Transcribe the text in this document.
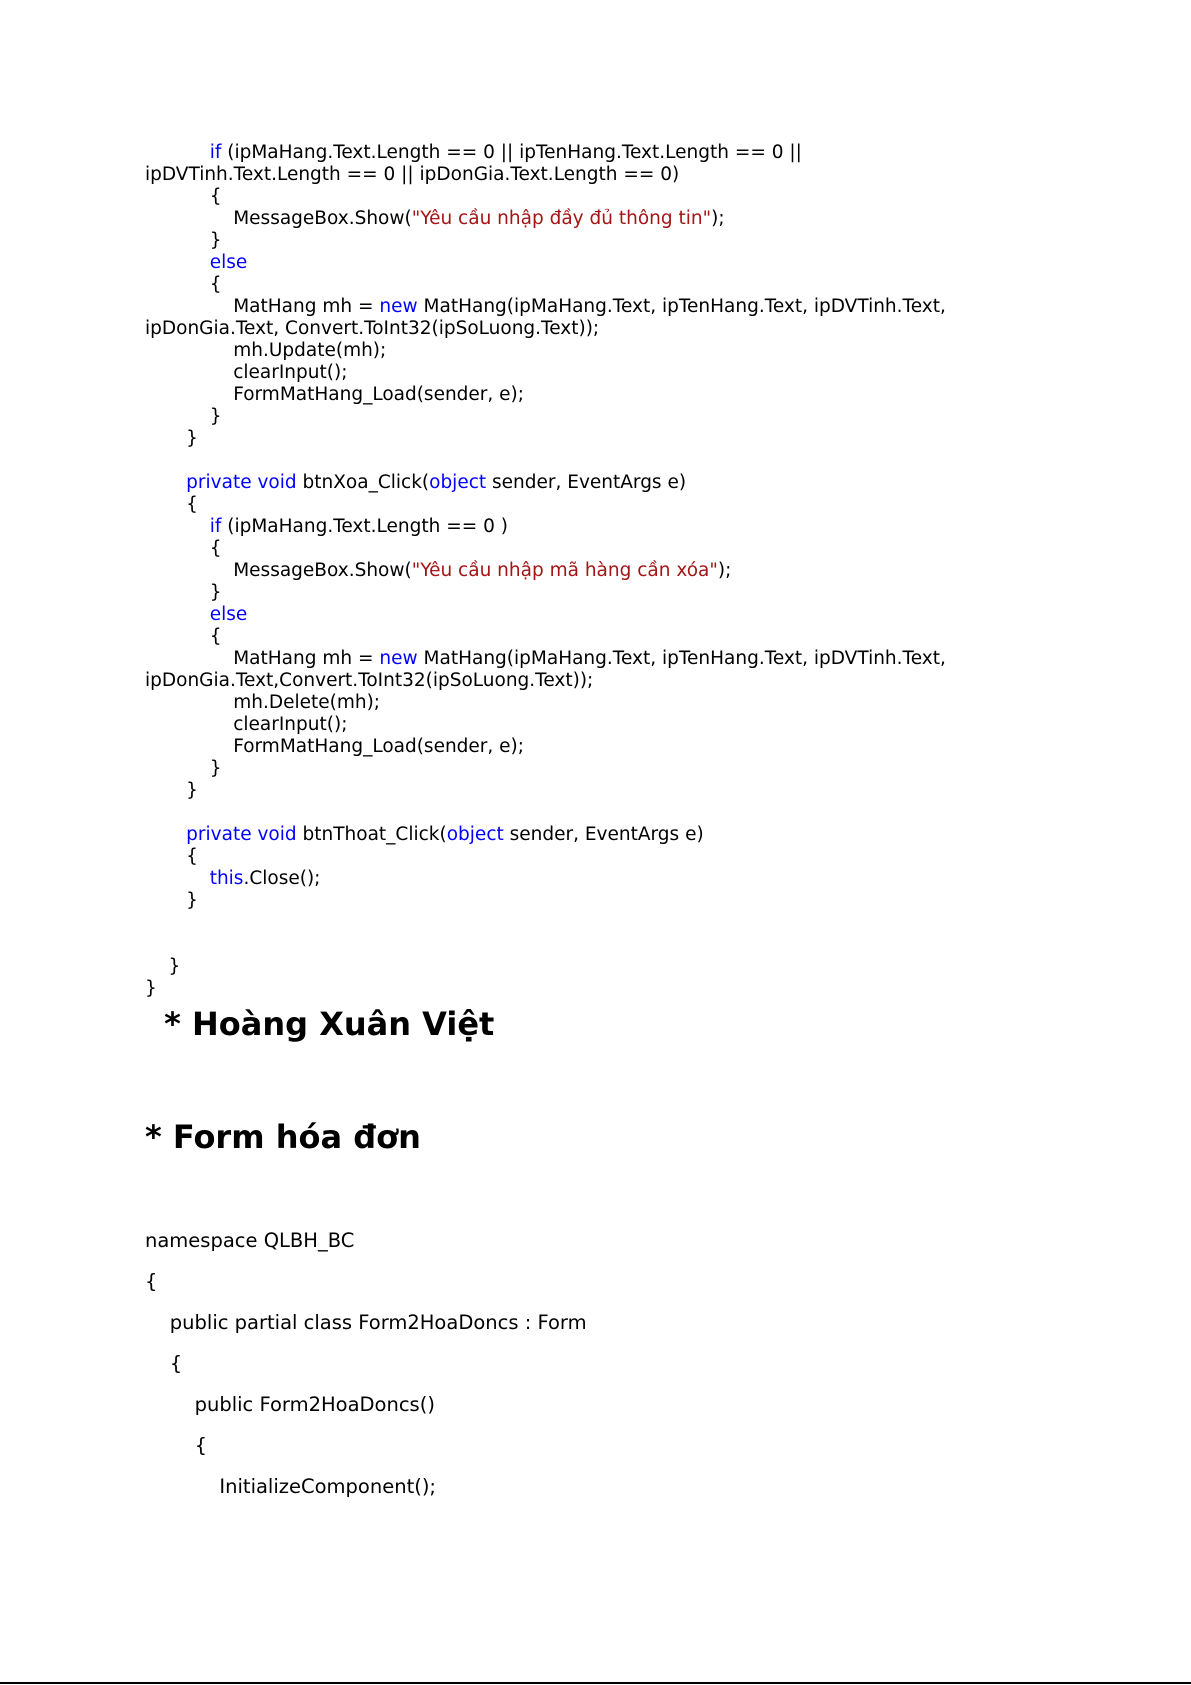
if (ipMaHang.Text.Length == 0 || ipTenHang.Text.Length == 0 ||
ipDVTinh.Text.Length == 0 || ipDonGia.Text.Length == 0)
{
MessageBox.Show("Yêu cầu nhập đầy đủ thông tin");
}
else
{
MatHang mh = new MatHang(ipMaHang.Text, ipTenHang.Text, ipDVTinh.Text,
ipDonGia.Text, Convert.ToInt32(ipSoLuong.Text));
mh.Update(mh);
clearInput();
FormMatHang_Load(sender, e);
}
}
private void btnXoa_Click(object sender, EventArgs e)
{
if (ipMaHang.Text.Length == 0 )
{
MessageBox.Show("Yêu cầu nhập mã hàng cần xóa");
}
else
{
MatHang mh = new MatHang(ipMaHang.Text, ipTenHang.Text, ipDVTinh.Text,
ipDonGia.Text,Convert.ToInt32(ipSoLuong.Text));
mh.Delete(mh);
clearInput();
FormMatHang_Load(sender, e);
}
}
private void btnThoat_Click(object sender, EventArgs e)
{
this.Close();
}
}
}
* Hoàng Xuân Việt
* Form hóa đơn
namespace QLBH_BC
{
public partial class Form2HoaDoncs : Form
{
public Form2HoaDoncs()
{
InitializeComponent();
